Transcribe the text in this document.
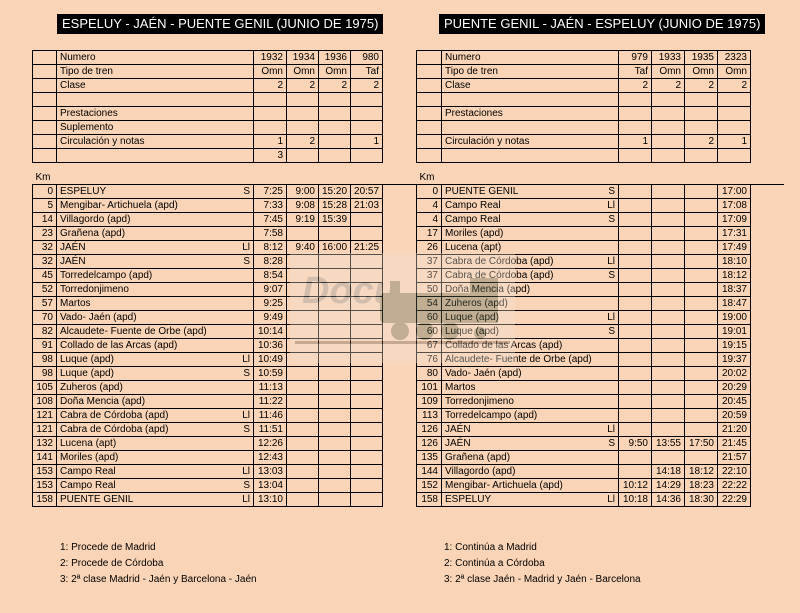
ESPELUY - JAÉN - PUENTE GENIL (JUNIO DE 1975)	PUENTE GENIL - JAÉN - ESPELUY (JUNIO DE 1975)
	Numero	1932	1934	1936	980
	Tipo de tren	Omn	Omn	Omn	Taf
	Clase	2	2	2	2

	Prestaciones				
	Suplemento				
	Circulación y notas	1	2		1
		3			
Km						
0	ESPELUY S	7:25	9:00	15:20	20:57	
5	Mengibar- Artichuela (apd)	7:33	9:08	15:28	21:03	
14	Villagordo (apd)	7:45	9:19	15:39		
23	Grañena (apd)	7:58				
32	JAÉN Ll	8:12	9:40	16:00	21:25	
32	JAÉN S	8:28				
45	Torredelcampo (apd)	8:54				
52	Torredonjimeno	9:07				
57	Martos	9:25				
70	Vado- Jaén (apd)	9:49				
82	Alcaudete- Fuente de Orbe (apd)	10:14				
91	Collado de las Arcas (apd)	10:36				
98	Luque (apd) Ll	10:49				
98	Luque (apd) S	10:59				
105	Zuheros (apd)	11:13				
108	Doña Mencia (apd)	11:22				
121	Cabra de Córdoba (apd) Ll	11:46				
121	Cabra de Córdoba (apd) S	11:51				
132	Lucena (apt)	12:26				
141	Moriles (apd)	12:43				
153	Campo Real Ll	13:03				
153	Campo Real S	13:04				
158	PUENTE GENIL Ll	13:10				
	Numero	979	1933	1935	2323
	Tipo de tren	Taf	Omn	Omn	Omn
	Clase	2	2	2	2

	Prestaciones				

	Circulación y notas	1		2	1

Km						
0	PUENTE GENIL S				17:00	
4	Campo Real Ll				17:08	
4	Campo Real S				17:09	
17	Moriles (apd)				17:31	
26	Lucena (apt)				17:49	
37	Cabra de Córdoba (apd) Ll				18:10	
37	Cabra de Córdoba (apd) S				18:12	
50	Doña Mencia (apd)				18:37	
54	Zuheros (apd)				18:47	
60	Luque (apd) Ll				19:00	
60	Luque (apd) S				19:01	
67	Collado de las Arcas (apd)				19:15	
76	Alcaudete- Fuente de Orbe (apd)				19:37	
80	Vado- Jaén (apd)				20:02	
101	Martos				20:29	
109	Torredonjimeno				20:45	
113	Torredelcampo (apd)				20:59	
126	JAÉN Ll				21:20	
126	JAÉN S	9:50	13:55	17:50	21:45	
135	Grañena (apd)				21:57	
144	Villagordo (apd)		14:18	18:12	22:10	
152	Mengibar- Artichuela (apd)	10:12	14:29	18:23	22:22	
158	ESPELUY Ll	10:18	14:36	18:30	22:29	
1: Procede de Madrid
2: Procede de Córdoba
3: 2ª clase Madrid - Jaén y Barcelona - Jaén
1: Continúa a Madrid
2: Continúa a Córdoba
3: 2ª clase Jaén - Madrid y Jaén - Barcelona
Docu
